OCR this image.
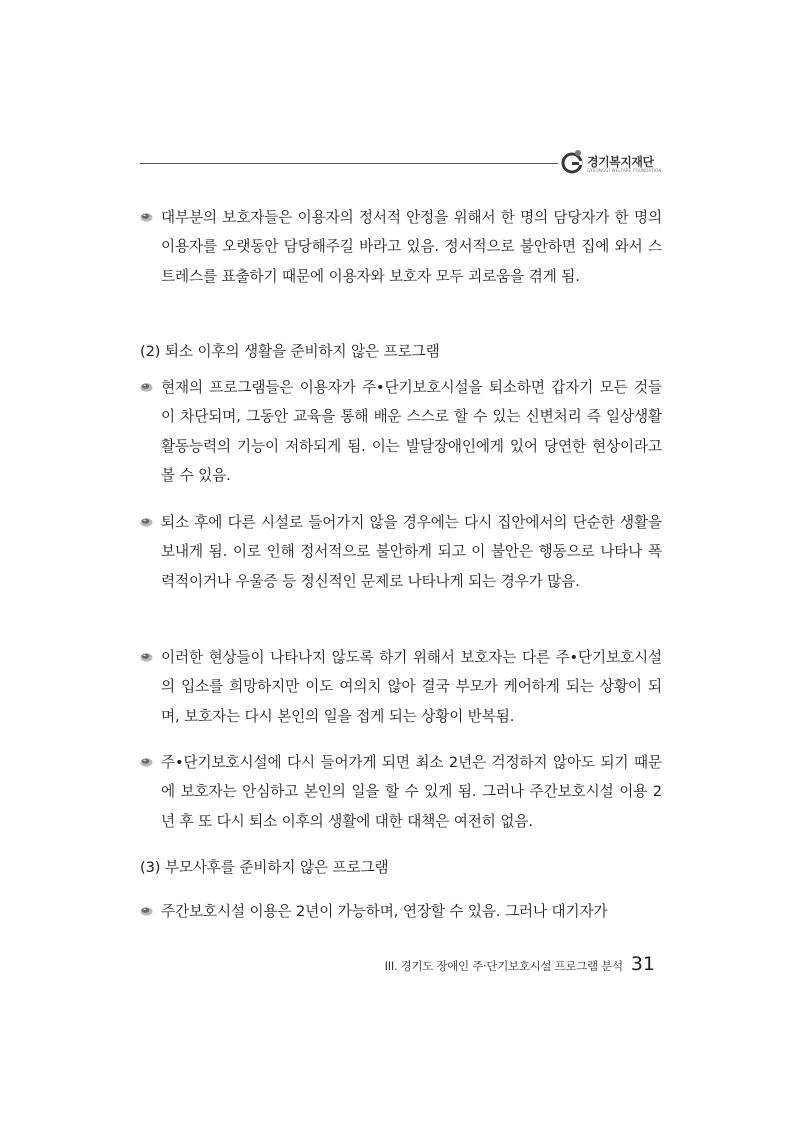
경기복지재단
GYEONGGI WELFARE FOUNDATION

대부분의 보호자들은 이용자의 정서적 안정을 위해서 한 명의 담당자가 한 명의 이용자를 오랫동안 담당해주길 바라고 있음. 정서적으로 불안하면 집에 와서 스트레스를 표출하기 때문에 이용자와 보호자 모두 괴로움을 겪게 됨.

(2) 퇴소 이후의 생활을 준비하지 않은 프로그램

현재의 프로그램들은 이용자가 주•단기보호시설을 퇴소하면 갑자기 모든 것들이 차단되며, 그동안 교육을 통해 배운 스스로 할 수 있는 신변처리 즉 일상생활활동능력의 기능이 저하되게 됨. 이는 발달장애인에게 있어 당연한 현상이라고 볼 수 있음.

퇴소 후에 다른 시설로 들어가지 않을 경우에는 다시 집안에서의 단순한 생활을 보내게 됨. 이로 인해 정서적으로 불안하게 되고 이 불안은 행동으로 나타나 폭력적이거나 우울증 등 정신적인 문제로 나타나게 되는 경우가 많음.

이러한 현상들이 나타나지 않도록 하기 위해서 보호자는 다른 주•단기보호시설의 입소를 희망하지만 이도 여의치 않아 결국 부모가 케어하게 되는 상황이 되며, 보호자는 다시 본인의 일을 접게 되는 상황이 반복됨.

주•단기보호시설에 다시 들어가게 되면 최소 2년은 걱정하지 않아도 되기 때문에 보호자는 안심하고 본인의 일을 할 수 있게 됨. 그러나 주간보호시설 이용 2년 후 또 다시 퇴소 이후의 생활에 대한 대책은 여전히 없음.

(3) 부모사후를 준비하지 않은 프로그램

주간보호시설 이용은 2년이 가능하며, 연장할 수 있음. 그러나 대기자가

III. 경기도 장애인 주·단기보호시설 프로그램 분석 31
